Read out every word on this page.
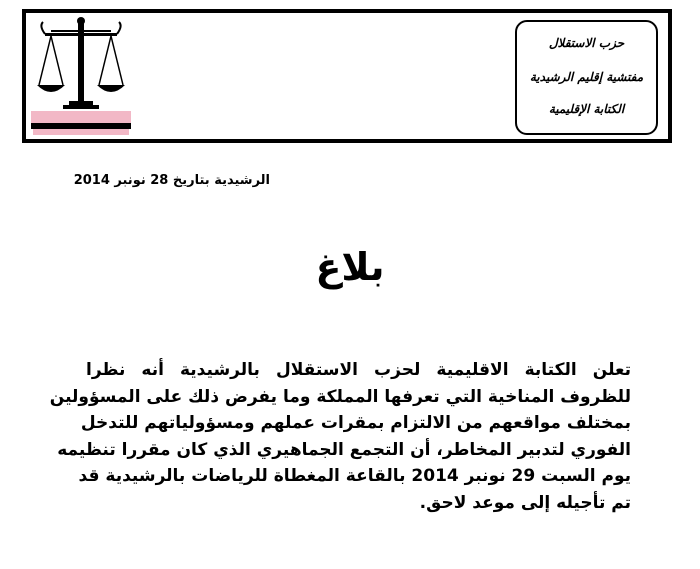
حزب الاستقلال
مفتشية إقليم الرشيدية
الكتابة الإقليمية
الرشيدية بتاريخ 28 نونبر 2014
بلاغ
تعلن الكتابة الاقليمية لحزب الاستقلال بالرشيدية أنه نظرا
للظروف المناخية التي تعرفها المملكة وما يفرض ذلك على المسؤولين
بمختلف مواقعهم من الالتزام بمقرات عملهم ومسؤولياتهم للتدخل
الفوري لتدبير المخاطر، أن التجمع الجماهيري الذي كان مقررا تنظيمه
يوم السبت 29 نونبر 2014 بالقاعة المغطاة للرياضات بالرشيدية قد
تم تأجيله إلى موعد لاحق.
